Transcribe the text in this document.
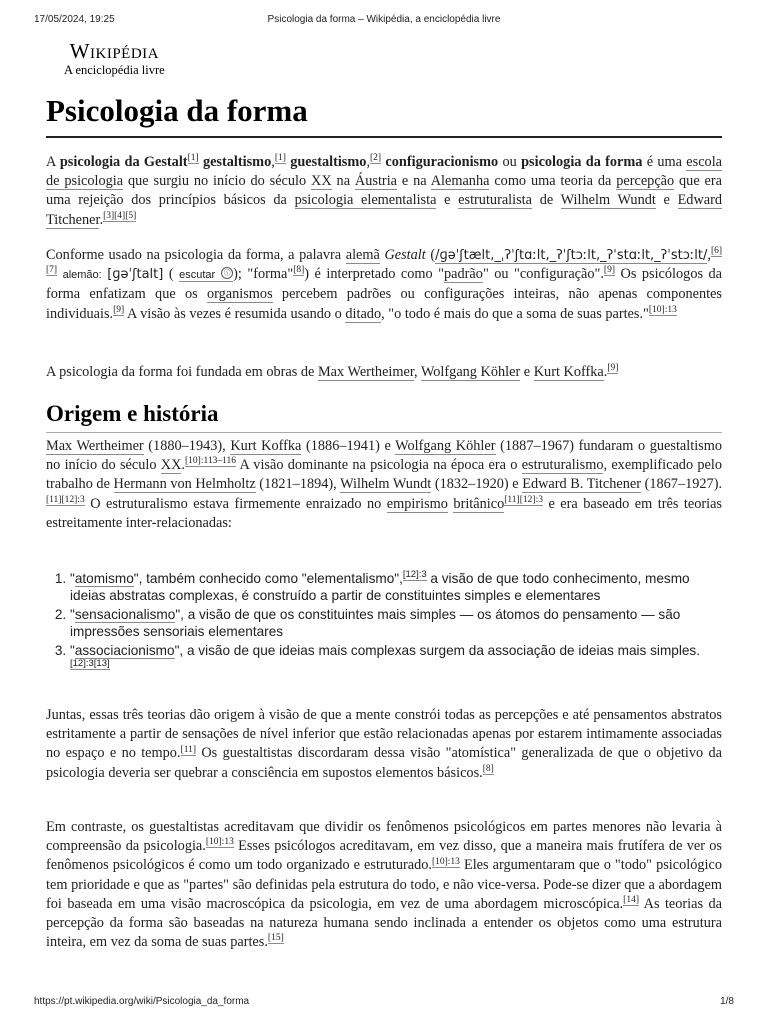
17/05/2024, 19:25	Psicologia da forma – Wikipédia, a enciclopédia livre
Wikipédia
A enciclopédia livre
Psicologia da forma

A psicologia da Gestalt[1] gestaltismo,[1] guestaltismo,[2] configuracionismo ou psicologia da forma é uma escola de psicologia que surgiu no início do século XX na Áustria e na Alemanha como uma teoria da percepção que era uma rejeição dos princípios básicos da psicologia elementalista e estruturalista de Wilhelm Wundt e Edward Titchener.[3][4][5]

Conforme usado na psicologia da forma, a palavra alemã Gestalt (/ɡəˈʃtælt,_ˌʔˈʃtɑːlt,_ʔˈʃtɔːlt,_ʔˈstɑːlt,_ʔˈstɔːlt/,[6][7] alemão: [ɡəˈʃtalt] ( escutar ⓘ ); "forma"[8]) é interpretado como "padrão" ou "configuração".[9] Os psicólogos da forma enfatizam que os organismos percebem padrões ou configurações inteiras, não apenas componentes individuais.[9] A visão às vezes é resumida usando o ditado, "o todo é mais do que a soma de suas partes."$^{[10]:13}$

A psicologia da forma foi fundada em obras de Max Wertheimer, Wolfgang Köhler e Kurt Koffka.[9]

Origem e história

Max Wertheimer (1880–1943), Kurt Koffka (1886–1941) e Wolfgang Köhler (1887–1967) fundaram o guestaltismo no início do século XX.$^{[10]:113-116}$ A visão dominante na psicologia na época era o estruturalismo, exemplificado pelo trabalho de Hermann von Helmholtz (1821–1894), Wilhelm Wundt (1832–1920) e Edward B. Titchener (1867–1927).$^{[11][12]:3}$ O estruturalismo estava firmemente enraizado no empirismo britânico$^{[11][12]:3}$ e era baseado em três teorias estreitamente inter-relacionadas:

1. "atomismo", também conhecido como "elementalismo",$^{[12]:3}$ a visão de que todo conhecimento, mesmo ideias abstratas complexas, é construído a partir de constituintes simples e elementares
2. "sensacionalismo", a visão de que os constituintes mais simples — os átomos do pensamento — são impressões sensoriais elementares
3. "associacionismo", a visão de que ideias mais complexas surgem da associação de ideias mais simples.[12]:3[13]

Juntas, essas três teorias dão origem à visão de que a mente constrói todas as percepções e até pensamentos abstratos estritamente a partir de sensações de nível inferior que estão relacionadas apenas por estarem intimamente associadas no espaço e no tempo.[11] Os guestaltistas discordaram dessa visão "atomística" generalizada de que o objetivo da psicologia deveria ser quebrar a consciência em supostos elementos básicos.[8]

Em contraste, os guestaltistas acreditavam que dividir os fenômenos psicológicos em partes menores não levaria à compreensão da psicologia.$^{[10]:13}$ Esses psicólogos acreditavam, em vez disso, que a maneira mais frutífera de ver os fenômenos psicológicos é como um todo organizado e estruturado.$^{[10]:13}$ Eles argumentaram que o "todo" psicológico tem prioridade e que as "partes" são definidas pela estrutura do todo, e não vice-versa. Pode-se dizer que a abordagem foi baseada em uma visão macroscópica da psicologia, em vez de uma abordagem microscópica.[14] As teorias da percepção da forma são baseadas na natureza humana sendo inclinada a entender os objetos como uma estrutura inteira, em vez da soma de suas partes.[15]

https://pt.wikipedia.org/wiki/Psicologia_da_forma	1/8
